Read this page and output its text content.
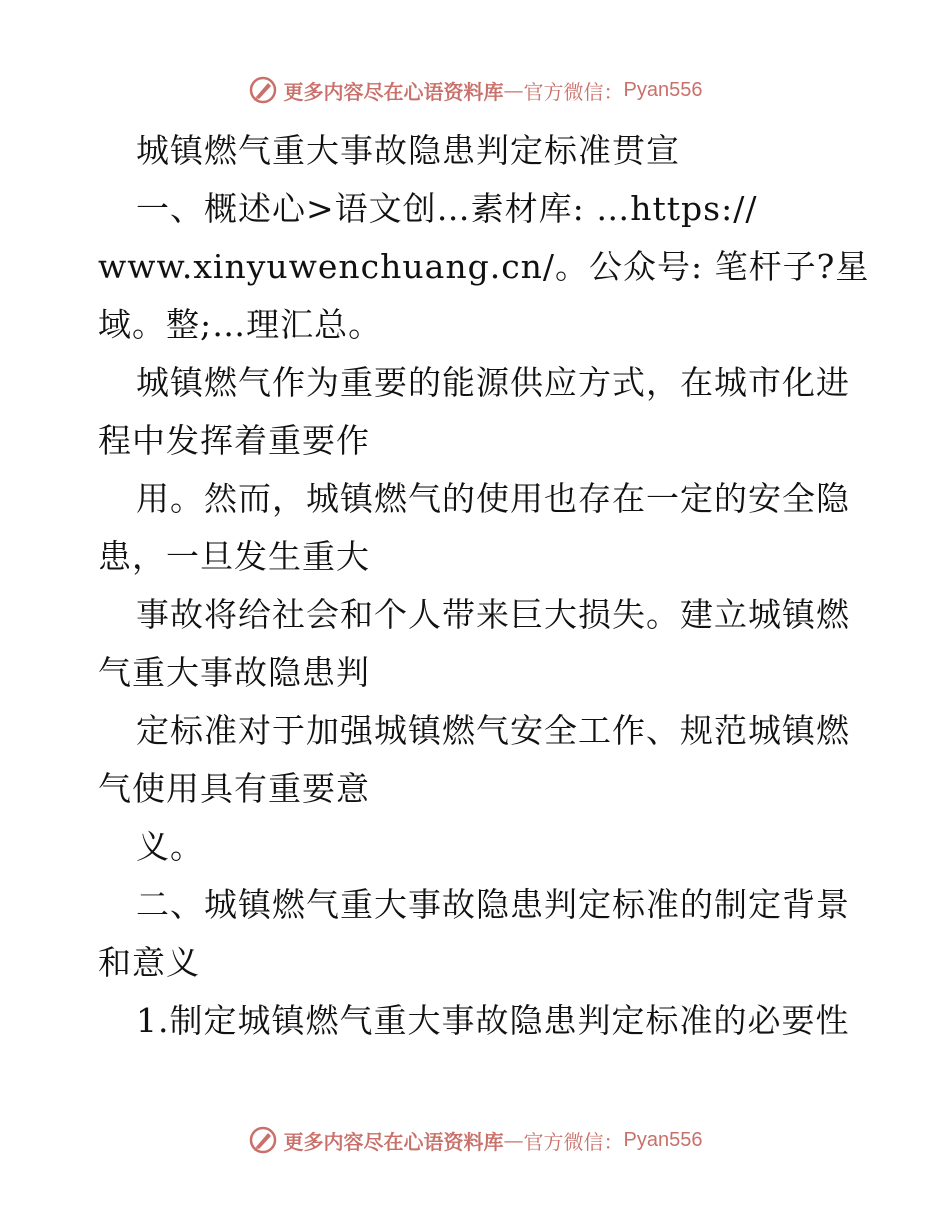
更多内容尽在心语资料库 — 官方微信： Pyan556
城镇燃气重大事故隐患判定标准贯宣
一、概述心>语文创…素材库: …https://
www.xinyuwenchuang.cn/。公众号: 笔杆子?星
域。整;…理汇总。
城镇燃气作为重要的能源供应方式，在城市化进
程中发挥着重要作
用。然而，城镇燃气的使用也存在一定的安全隐
患，一旦发生重大
事故将给社会和个人带来巨大损失。建立城镇燃
气重大事故隐患判
定标准对于加强城镇燃气安全工作、规范城镇燃
气使用具有重要意
义。
二、城镇燃气重大事故隐患判定标准的制定背景
和意义
1.制定城镇燃气重大事故隐患判定标准的必要性
更多内容尽在心语资料库 — 官方微信： Pyan556
